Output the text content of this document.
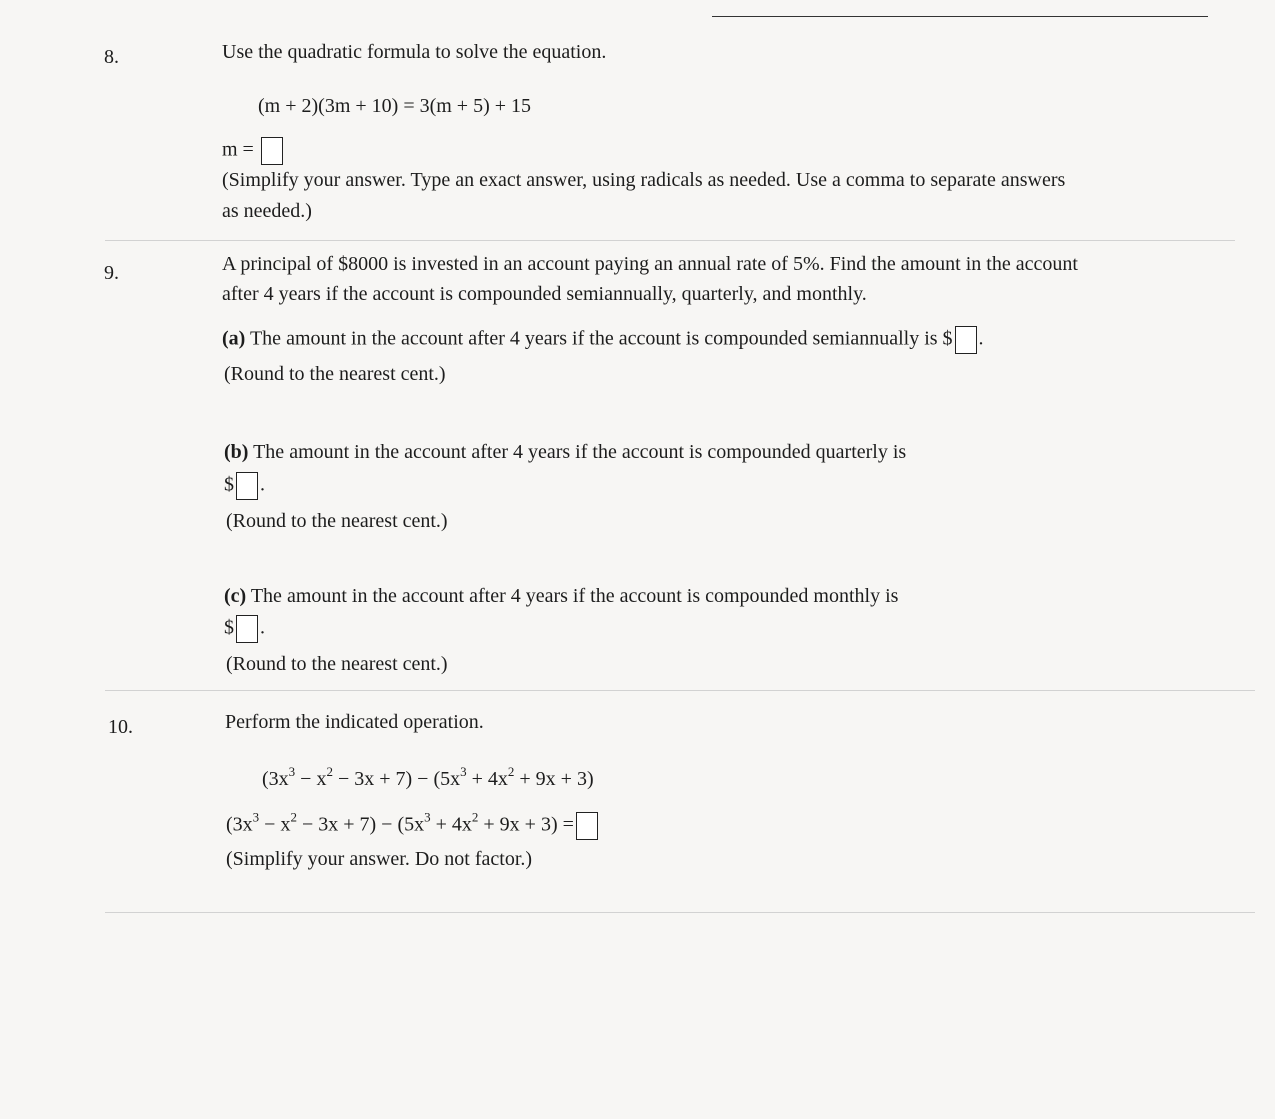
8.	Use the quadratic formula to solve the equation.
(m + 2)(3m + 10) = 3(m + 5) + 15
m =
(Simplify your answer. Type an exact answer, using radicals as needed. Use a comma to separate answers
as needed.)
9.	A principal of $8000 is invested in an account paying an annual rate of 5%. Find the amount in the account
after 4 years if the account is compounded semiannually, quarterly, and monthly.
(a) The amount in the account after 4 years if the account is compounded semiannually is $ .
(Round to the nearest cent.)
(b) The amount in the account after 4 years if the account is compounded quarterly is
$ .
(Round to the nearest cent.)
(c) The amount in the account after 4 years if the account is compounded monthly is
$ .
(Round to the nearest cent.)
10.	Perform the indicated operation.
$(3x^3 - x^2 - 3x + 7) - (5x^3 + 4x^2 + 9x + 3)$
$(3x^3 - x^2 - 3x + 7) - (5x^3 + 4x^2 + 9x + 3)$ =
(Simplify your answer. Do not factor.)
